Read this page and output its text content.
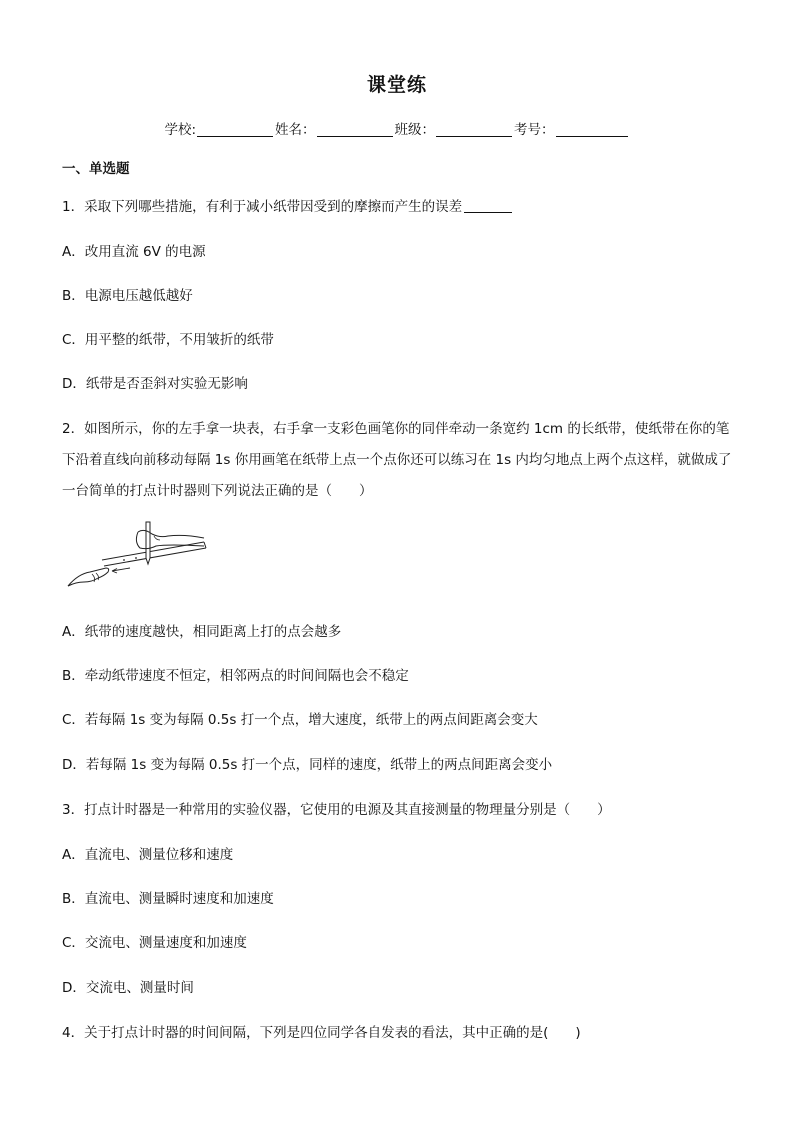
课堂练
学校:	姓名：	班级：	考号：
一、单选题
1．采取下列哪些措施，有利于减小纸带因受到的摩擦而产生的误差
A．改用直流 6V 的电源
B．电源电压越低越好
C．用平整的纸带，不用皱折的纸带
D．纸带是否歪斜对实验无影响
2．如图所示，你的左手拿一块表，右手拿一支彩色画笔你的同伴牵动一条宽约 1cm 的长纸带，使纸带在你的笔
下沿着直线向前移动每隔 1s 你用画笔在纸带上点一个点你还可以练习在 1s 内均匀地点上两个点这样，就做成了
一台简单的打点计时器则下列说法正确的是（　　）
A．纸带的速度越快，相同距离上打的点会越多
B．牵动纸带速度不恒定，相邻两点的时间间隔也会不稳定
C．若每隔 1s 变为每隔 0.5s 打一个点，增大速度，纸带上的两点间距离会变大
D．若每隔 1s 变为每隔 0.5s 打一个点，同样的速度，纸带上的两点间距离会变小
3．打点计时器是一种常用的实验仪器，它使用的电源及其直接测量的物理量分别是（　　）
A．直流电、测量位移和速度
B．直流电、测量瞬时速度和加速度
C．交流电、测量速度和加速度
D．交流电、测量时间
4．关于打点计时器的时间间隔，下列是四位同学各自发表的看法，其中正确的是(　　)
